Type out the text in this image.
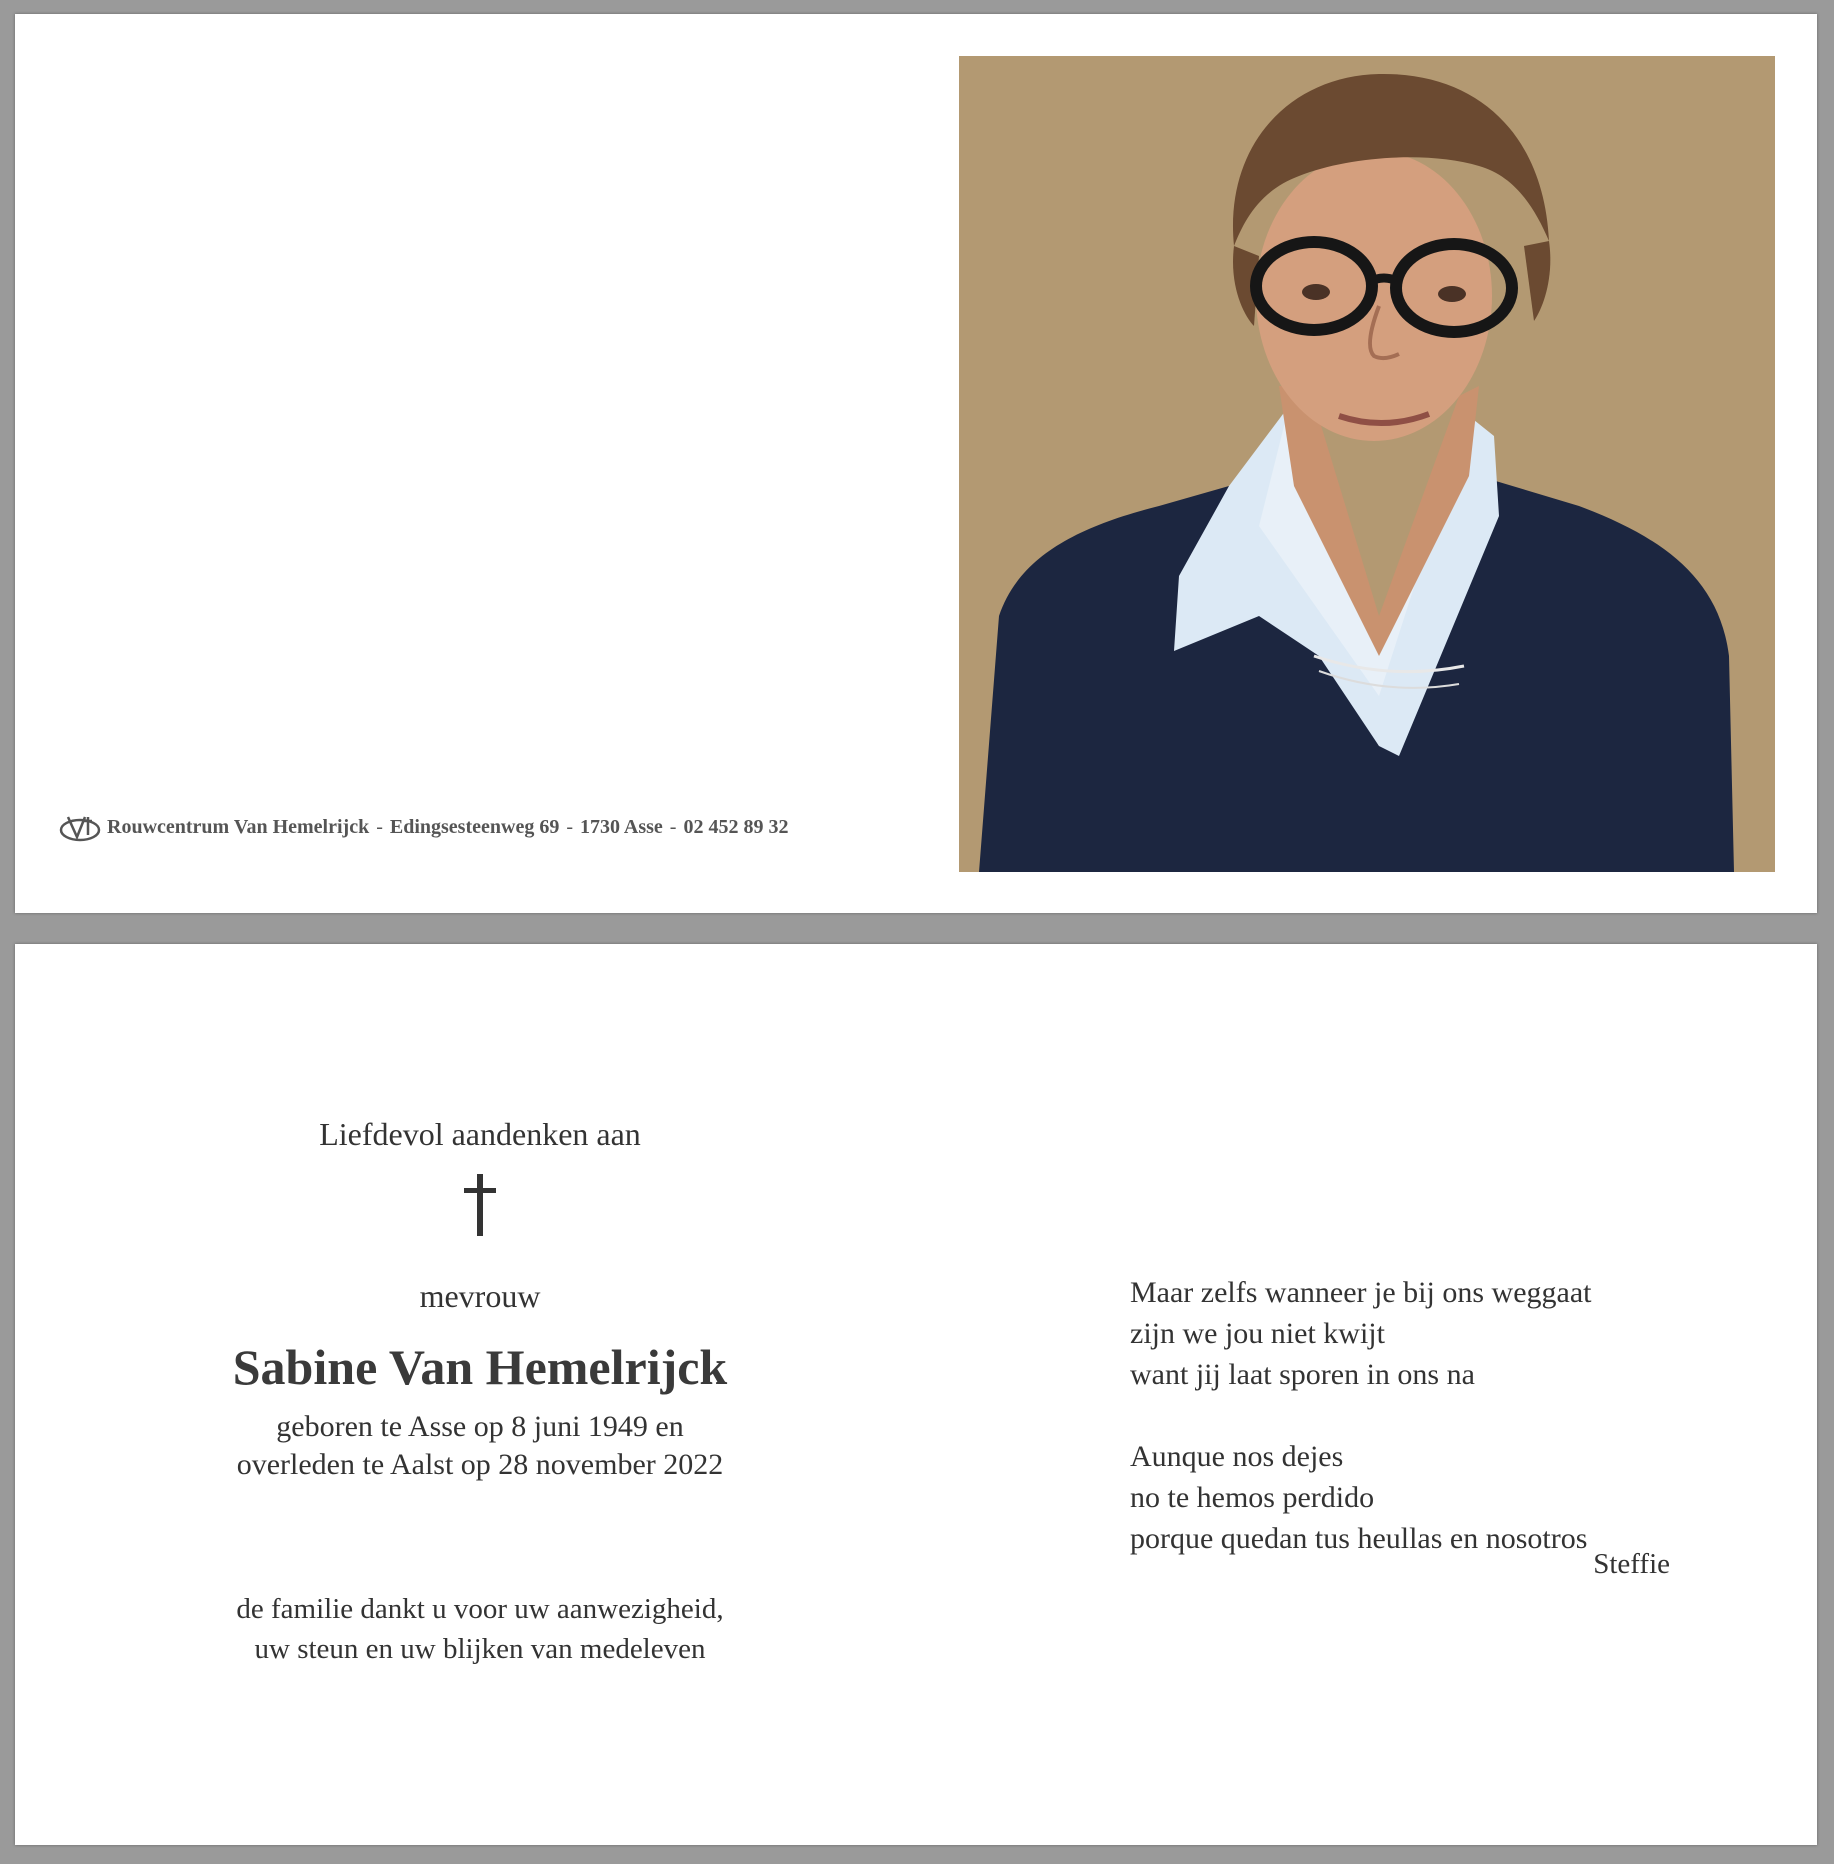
Rouwcentrum Van Hemelrijck - Edingsesteenweg 69 - 1730 Asse - 02 452 89 32
Liefdevol aandenken aan
mevrouw
Sabine Van Hemelrijck
geboren te Asse op 8 juni 1949 en
overleden te Aalst op 28 november 2022
de familie dankt u voor uw aanwezigheid,
uw steun en uw blijken van medeleven
Maar zelfs wanneer je bij ons weggaat
zijn we jou niet kwijt
want jij laat sporen in ons na
Aunque nos dejes
no te hemos perdido
porque quedan tus heullas en nosotros
Steffie
